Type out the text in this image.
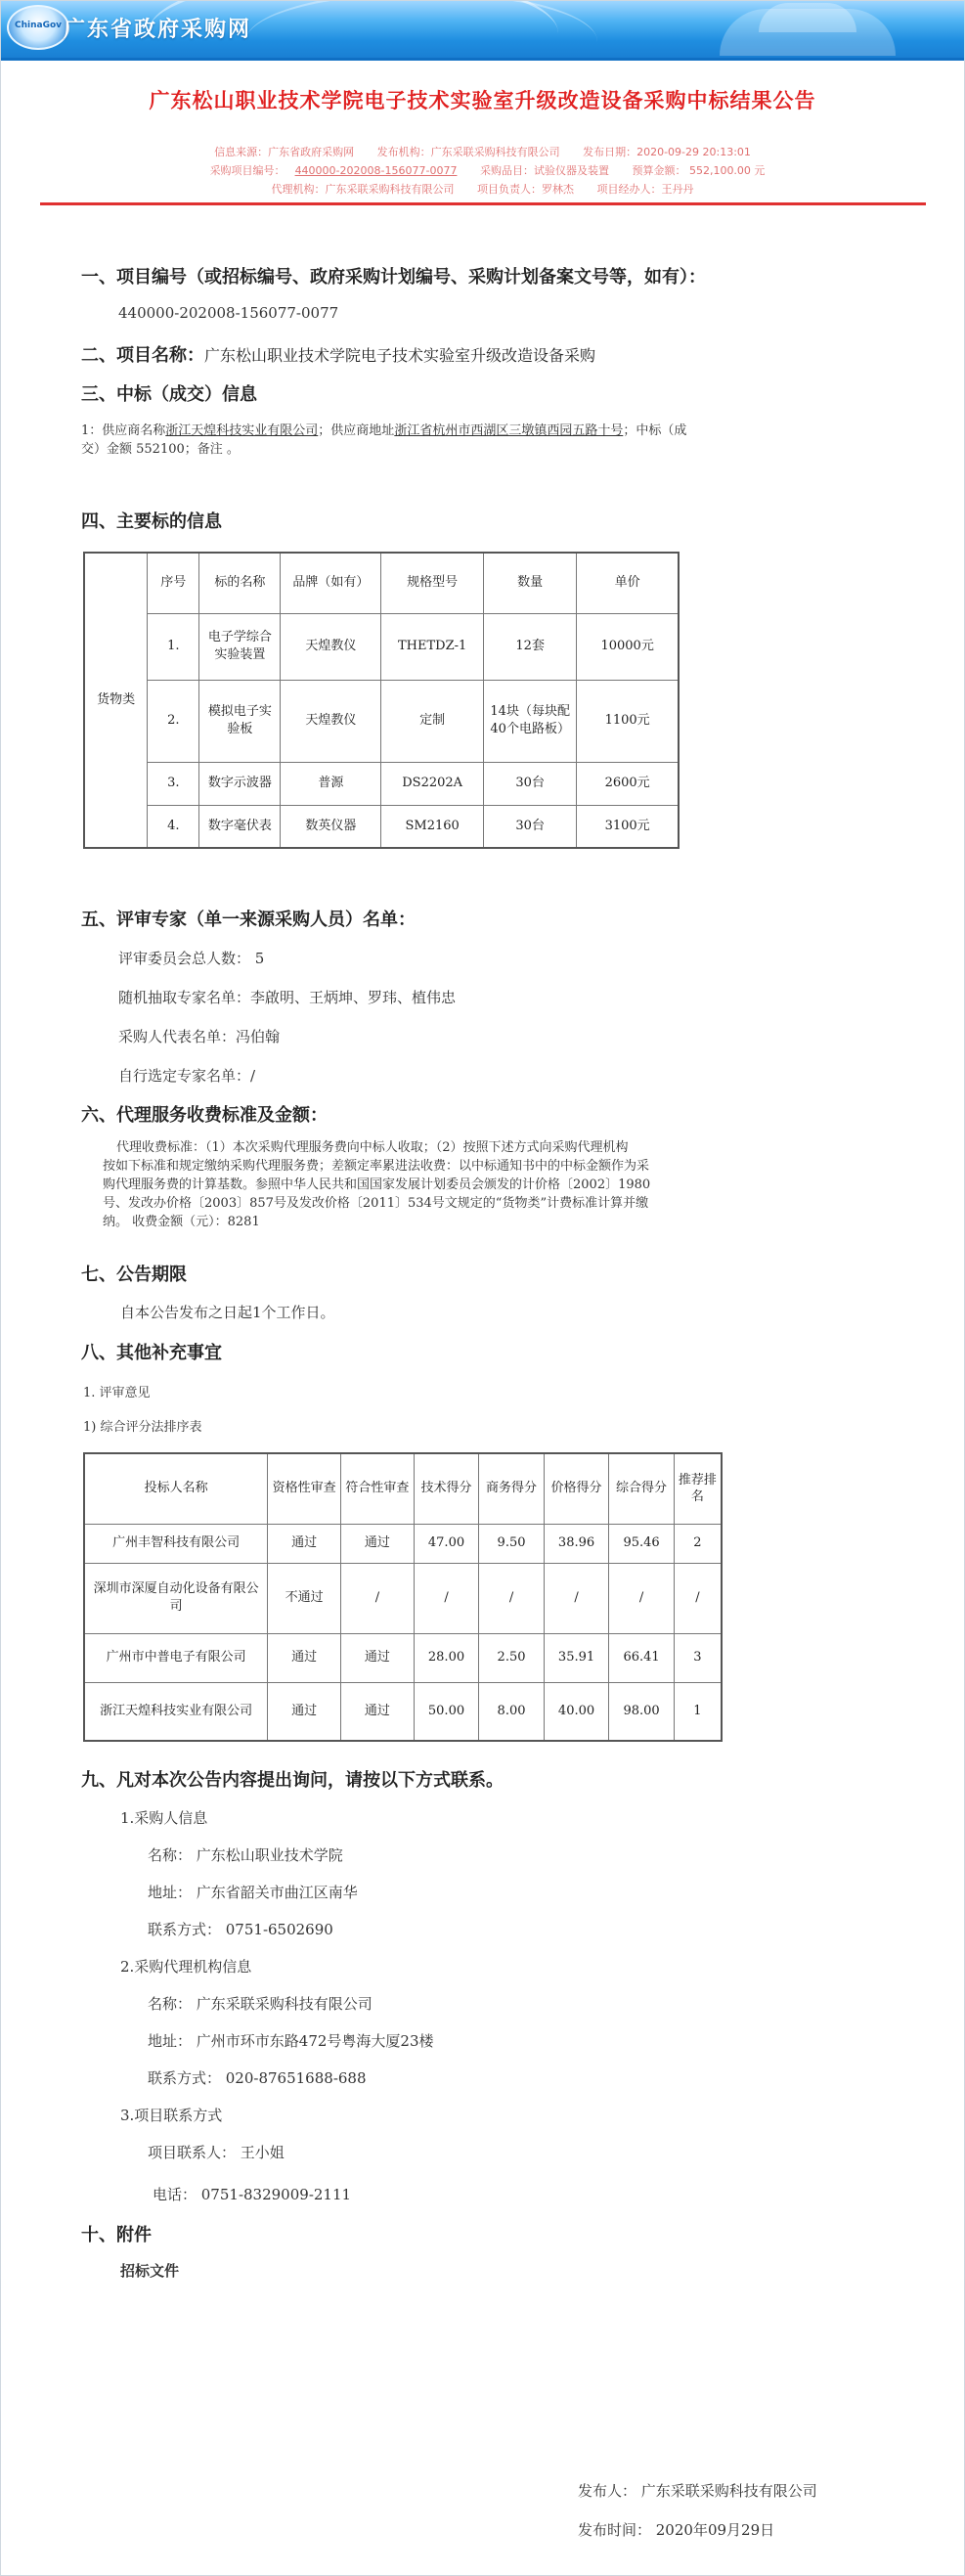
ChinaGov 广东省政府采购网
广东松山职业技术学院电子技术实验室升级改造设备采购中标结果公告
信息来源：广东省政府采购网 发布机构：广东采联采购科技有限公司 发布日期：2020-09-29 20:13:01
采购项目编号： 440000-202008-156077-0077 采购品目：试验仪器及装置 预算金额： 552,100.00 元
代理机构：广东采联采购科技有限公司 项目负责人：罗林杰 项目经办人：王丹丹
一、项目编号（或招标编号、政府采购计划编号、采购计划备案文号等，如有）：
440000-202008-156077-0077
二、项目名称：广东松山职业技术学院电子技术实验室升级改造设备采购
三、中标（成交）信息
1：供应商名称浙江天煌科技实业有限公司；供应商地址浙江省杭州市西湖区三墩镇西园五路十号；中标（成
交）金额 552100；备注 。
四、主要标的信息
货物类	序号	标的名称	品牌（如有）	规格型号	数量	单价
	1.	电子学综合实验装置	天煌教仪	THETDZ-1	12套	10000元
	2.	模拟电子实验板	天煌教仪	定制	14块（每块配40个电路板）	1100元
	3.	数字示波器	普源	DS2202A	30台	2600元
	4.	数字毫伏表	数英仪器	SM2160	30台	3100元
五、评审专家（单一来源采购人员）名单：
评审委员会总人数： 5
随机抽取专家名单：李啟明、王炳坤、罗玮、植伟忠
采购人代表名单：冯伯翰
自行选定专家名单：/
六、代理服务收费标准及金额：
代理收费标准：（1）本次采购代理服务费向中标人收取；（2）按照下述方式向采购代理机构
按如下标准和规定缴纳采购代理服务费；差额定率累进法收费：以中标通知书中的中标金额作为采
购代理服务费的计算基数。参照中华人民共和国国家发展计划委员会颁发的计价格〔2002〕1980
号、发改办价格〔2003〕857号及发改价格〔2011〕534号文规定的“货物类”计费标准计算并缴
纳。 收费金额（元）：8281
七、公告期限
自本公告发布之日起1个工作日。
八、其他补充事宜
1. 评审意见
1) 综合评分法排序表
投标人名称	资格性审查	符合性审查	技术得分	商务得分	价格得分	综合得分	推荐排名
广州丰智科技有限公司	通过	通过	47.00	9.50	38.96	95.46	2
深圳市深厦自动化设备有限公司	不通过	/	/	/	/	/	/
广州市中普电子有限公司	通过	通过	28.00	2.50	35.91	66.41	3
浙江天煌科技实业有限公司	通过	通过	50.00	8.00	40.00	98.00	1
九、凡对本次公告内容提出询问，请按以下方式联系。
1.采购人信息
名称： 广东松山职业技术学院
地址： 广东省韶关市曲江区南华
联系方式： 0751-6502690
2.采购代理机构信息
名称： 广东采联采购科技有限公司
地址： 广州市环市东路472号粤海大厦23楼
联系方式： 020-87651688-688
3.项目联系方式
项目联系人： 王小姐
电话： 0751-8329009-2111
十、附件
招标文件
发布人： 广东采联采购科技有限公司
发布时间： 2020年09月29日
